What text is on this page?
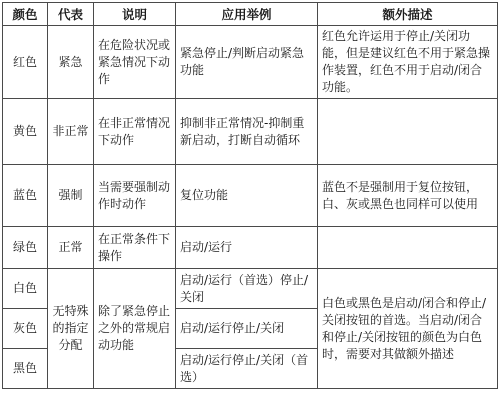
颜色	代表	说明	应用举例	额外描述
红色	紧急	在危险状况或紧急情况下动作	紧急停止/判断启动紧急功能	红色允许运用于停止/关闭功能，但是建议红色不用于紧急操作装置，红色不用于启动/闭合功能。
黄色	非正常	在非正常情况下动作	抑制非正常情况-抑制重新启动，打断自动循环	
蓝色	强制	当需要强制动作时动作	复位功能	蓝色不是强制用于复位按钮，白、灰或黑色也同样可以使用
绿色	正常	在正常条件下操作	启动/运行	
白色	无特殊的指定分配	除了紧急停止之外的常规启动功能	启动/运行（首选）停止/关闭	白色或黑色是启动/闭合和停止/关闭按钮的首选。当启动/闭合和停止/关闭按钮的颜色为白色时，需要对其做额外描述
灰色			启动/运行停止/关闭	
黑色			启动/运行停止/关闭（首选）	
